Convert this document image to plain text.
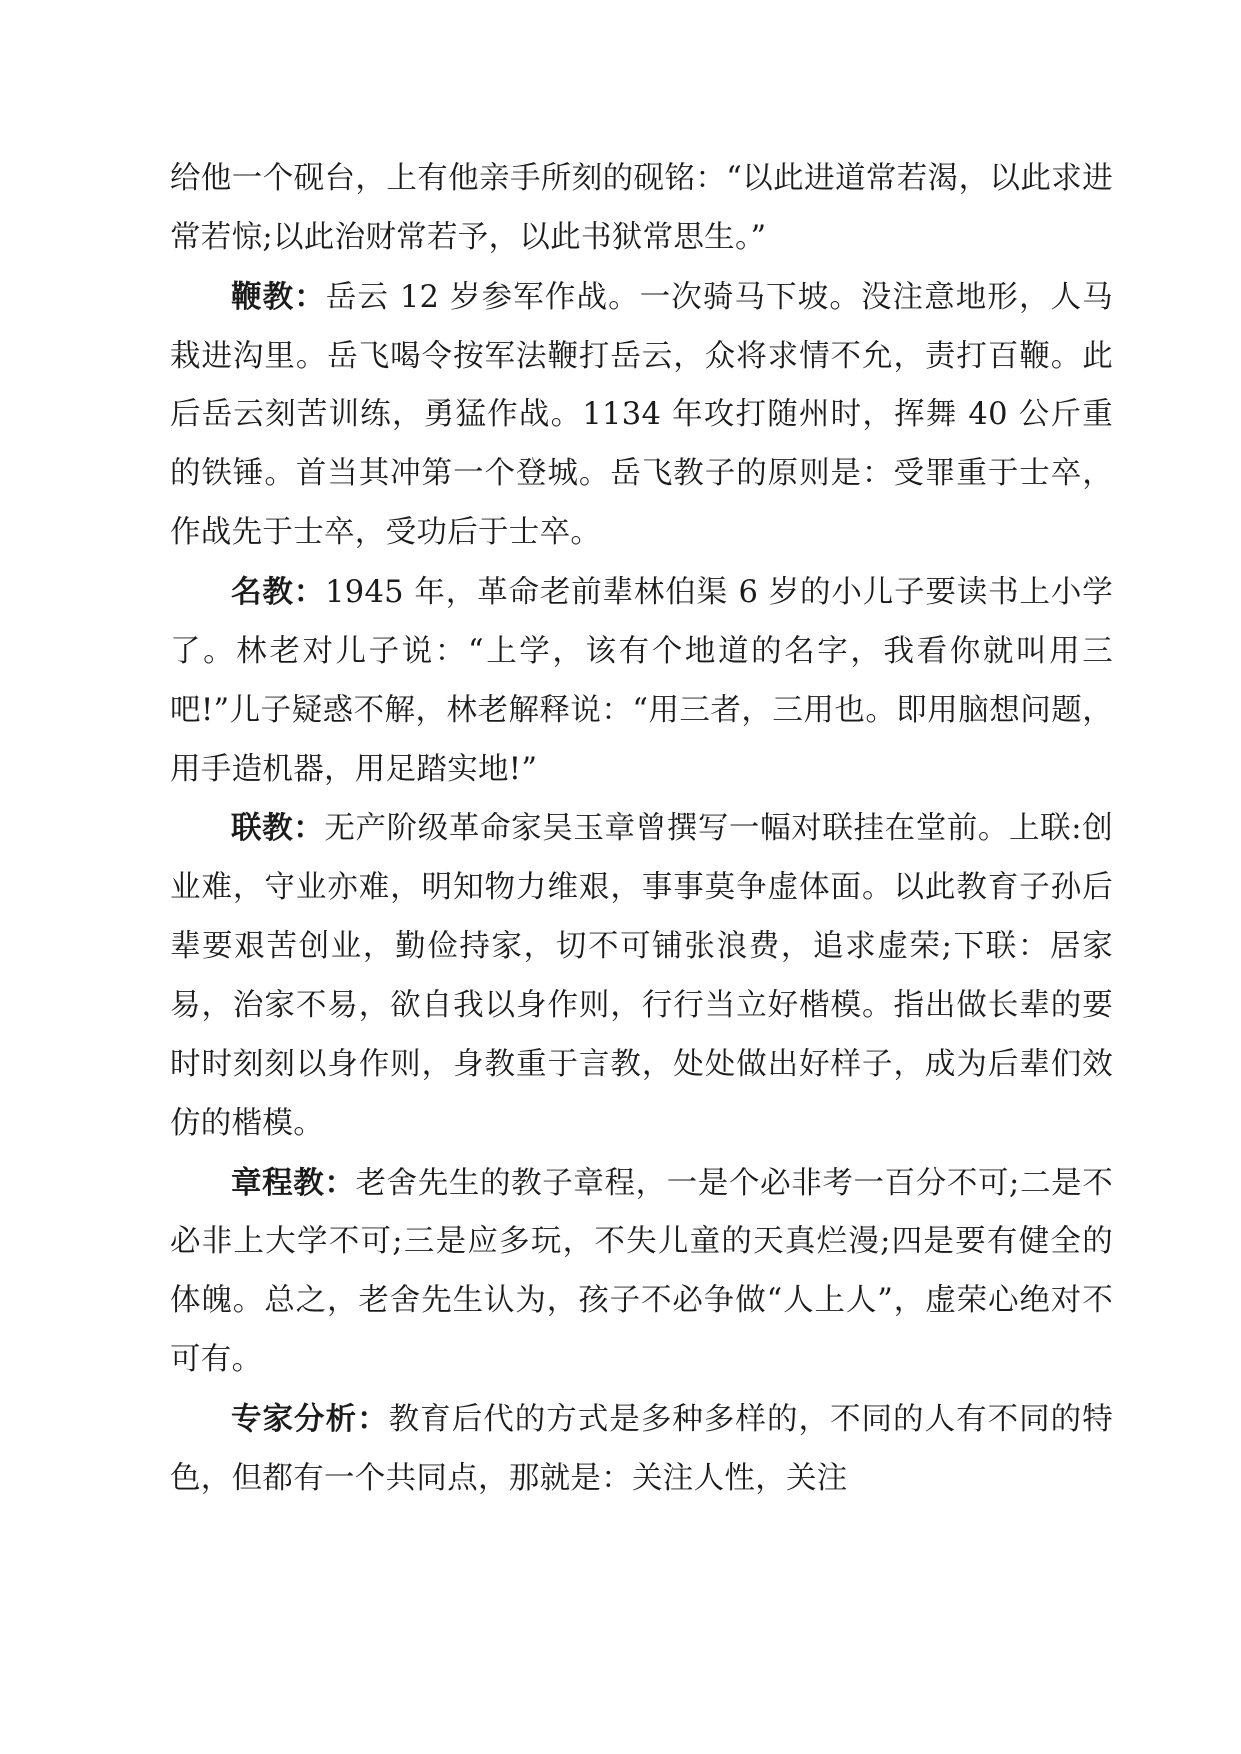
给他一个砚台，上有他亲手所刻的砚铭：“以此进道常若渴，以此求进常若惊;以此治财常若予，以此书狱常思生。”

鞭教：岳云 12 岁参军作战。一次骑马下坡。没注意地形，人马栽进沟里。岳飞喝令按军法鞭打岳云，众将求情不允，责打百鞭。此后岳云刻苦训练，勇猛作战。1134 年攻打随州时，挥舞 40 公斤重的铁锤。首当其冲第一个登城。岳飞教子的原则是：受罪重于士卒，作战先于士卒，受功后于士卒。

名教：1945 年，革命老前辈林伯渠 6 岁的小儿子要读书上小学了。林老对儿子说：“上学，该有个地道的名字，我看你就叫用三吧!”儿子疑惑不解，林老解释说：“用三者，三用也。即用脑想问题，用手造机器，用足踏实地!”

联教：无产阶级革命家吴玉章曾撰写一幅对联挂在堂前。上联:创业难，守业亦难，明知物力维艰，事事莫争虚体面。以此教育子孙后辈要艰苦创业，勤俭持家，切不可铺张浪费，追求虚荣;下联：居家易，治家不易，欲自我以身作则，行行当立好楷模。指出做长辈的要时时刻刻以身作则，身教重于言教，处处做出好样子，成为后辈们效仿的楷模。

章程教：老舍先生的教子章程，一是个必非考一百分不可;二是不必非上大学不可;三是应多玩，不失儿童的天真烂漫;四是要有健全的体魄。总之，老舍先生认为，孩子不必争做“人上人”，虚荣心绝对不可有。

专家分析：教育后代的方式是多种多样的，不同的人有不同的特色，但都有一个共同点，那就是：关注人性，关注
